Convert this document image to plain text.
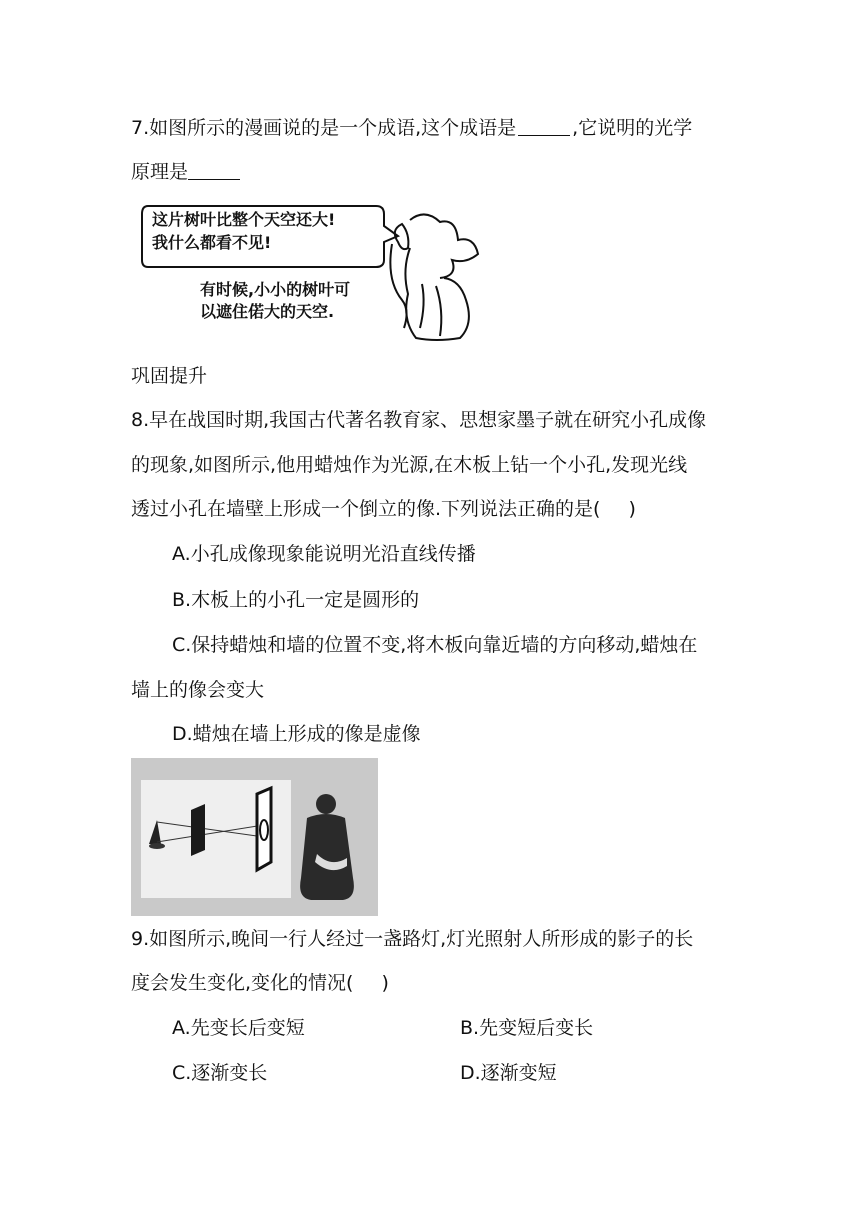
7.如图所示的漫画说的是一个成语,这个成语是	,它说明的光学
原理是
这片树叶比整个天空还大!
我什么都看不见!
有时候,小小的树叶可
以遮住偌大的天空.
巩固提升
8.早在战国时期,我国古代著名教育家、思想家墨子就在研究小孔成像
的现象,如图所示,他用蜡烛作为光源,在木板上钻一个小孔,发现光线
透过小孔在墙壁上形成一个倒立的像.下列说法正确的是( )
A.小孔成像现象能说明光沿直线传播
B.木板上的小孔一定是圆形的
C.保持蜡烛和墙的位置不变,将木板向靠近墙的方向移动,蜡烛在
墙上的像会变大
D.蜡烛在墙上形成的像是虚像
9.如图所示,晚间一行人经过一盏路灯,灯光照射人所形成的影子的长
度会发生变化,变化的情况( )
A.先变长后变短	B.先变短后变长
C.逐渐变长	D.逐渐变短
